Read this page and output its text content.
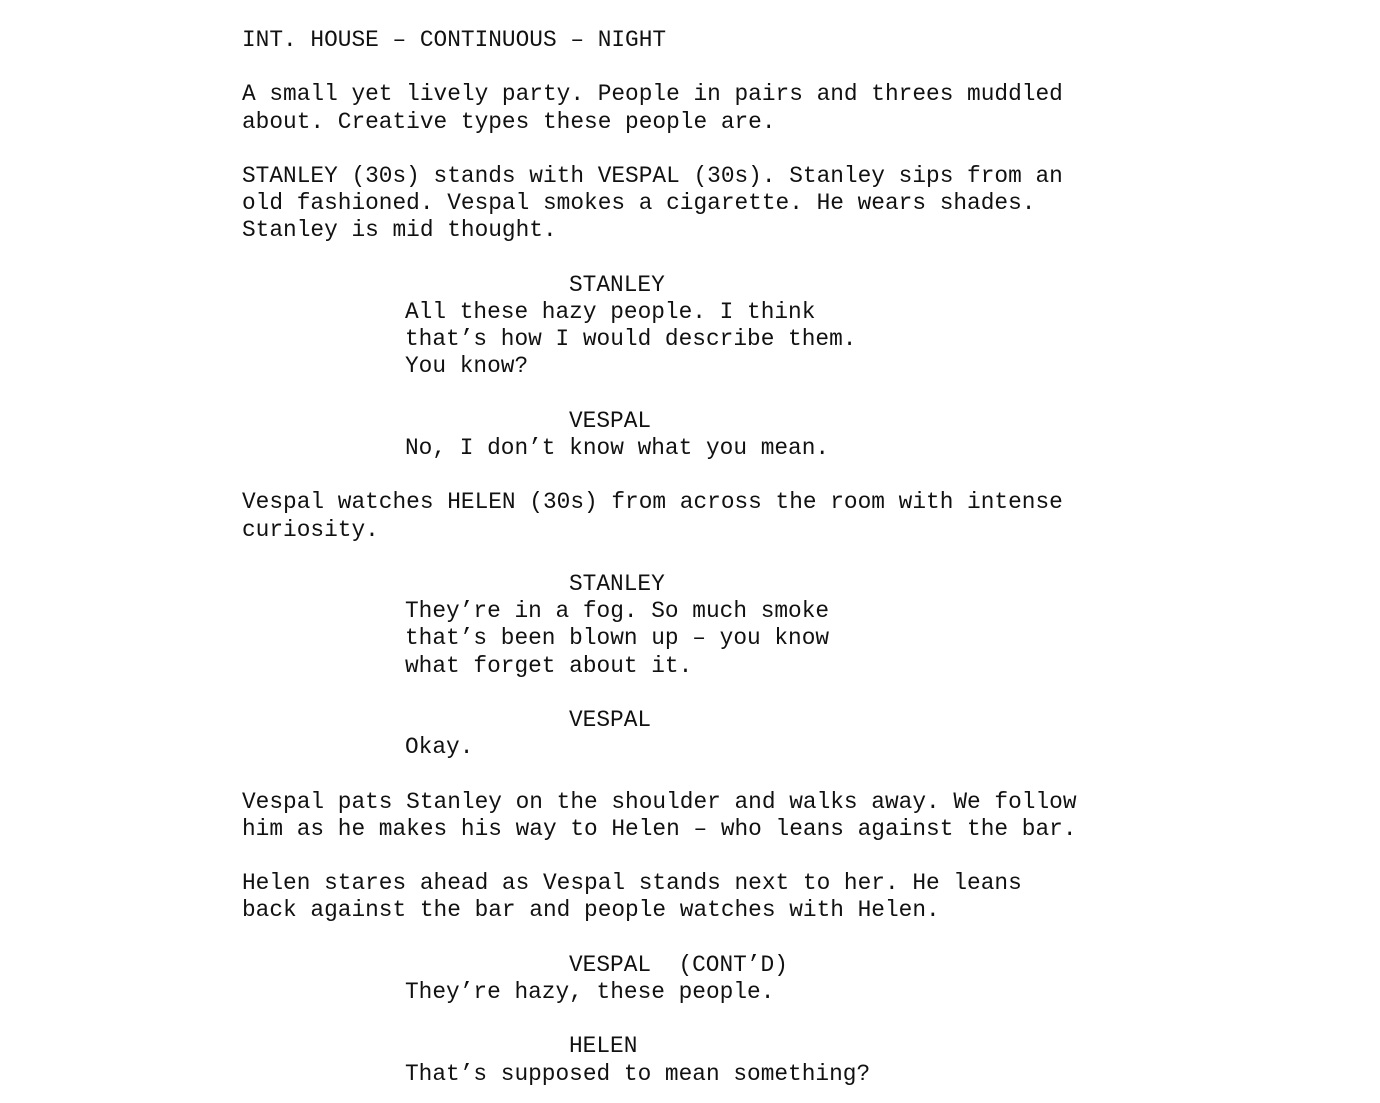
INT. HOUSE – CONTINUOUS – NIGHT
A small yet lively party. People in pairs and threes muddled
about. Creative types these people are.
STANLEY (30s) stands with VESPAL (30s). Stanley sips from an
old fashioned. Vespal smokes a cigarette. He wears shades.
Stanley is mid thought.
STANLEY
All these hazy people. I think
that’s how I would describe them.
You know?
VESPAL
No, I don’t know what you mean.
Vespal watches HELEN (30s) from across the room with intense
curiosity.
STANLEY
They’re in a fog. So much smoke
that’s been blown up – you know
what forget about it.
VESPAL
Okay.
Vespal pats Stanley on the shoulder and walks away. We follow
him as he makes his way to Helen – who leans against the bar.
Helen stares ahead as Vespal stands next to her. He leans
back against the bar and people watches with Helen.
VESPAL  (CONT’D)
They’re hazy, these people.
HELEN
That’s supposed to mean something?
